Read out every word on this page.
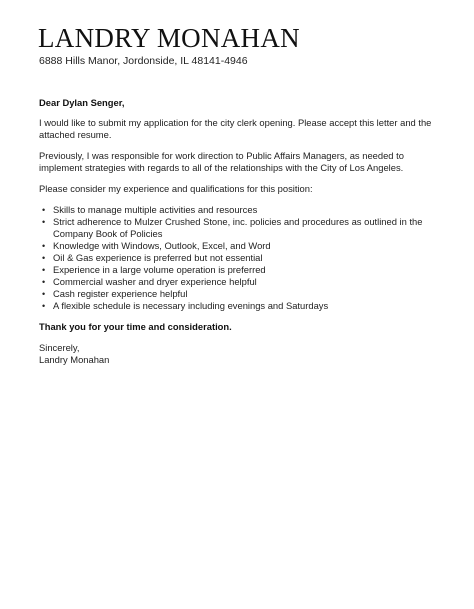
LANDRY MONAHAN
6888 Hills Manor, Jordonside, IL 48141-4946

Dear Dylan Senger,

I would like to submit my application for the city clerk opening. Please accept this letter and the attached resume.

Previously, I was responsible for work direction to Public Affairs Managers, as needed to implement strategies with regards to all of the relationships with the City of Los Angeles.

Please consider my experience and qualifications for this position:

• Skills to manage multiple activities and resources
• Strict adherence to Mulzer Crushed Stone, inc. policies and procedures as outlined in the Company Book of Policies
• Knowledge with Windows, Outlook, Excel, and Word
• Oil & Gas experience is preferred but not essential
• Experience in a large volume operation is preferred
• Commercial washer and dryer experience helpful
• Cash register experience helpful
• A flexible schedule is necessary including evenings and Saturdays

Thank you for your time and consideration.

Sincerely,

Landry Monahan
